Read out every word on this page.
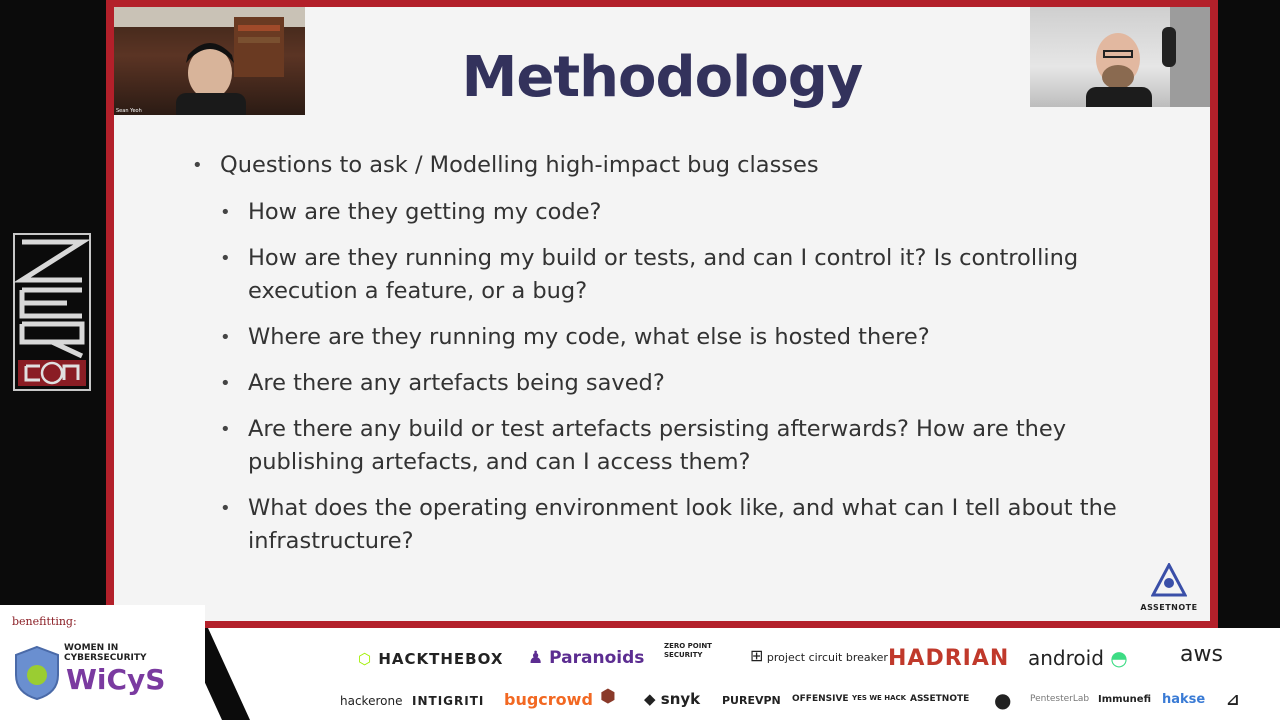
Methodology
• Questions to ask / Modelling high-impact bug classes
• How are they getting my code?
• How are they running my build or tests, and can I control it? Is controlling execution a feature, or a bug?
• Where are they running my code, what else is hosted there?
• Are there any artefacts being saved?
• Are there any build or test artefacts persisting afterwards? How are they publishing artefacts, and can I access them?
• What does the operating environment look like, and what can I tell about the infrastructure?
ASSETNOTE
Sean Yeoh
⬡ HACKTHEBOX ♟ Paranoids
ZERO POINT SECURITY	⊞ project circuit breaker HADRIAN android ◓ aws
hackerone INTIGRITI bugcrowd ⬢ ◆ snyk PUREVPN OFFENSIVE YES WE HACK ASSETNOTE ● PentesterLab Immunefi hakse ⊿
benefitting:
WOMEN IN
CYBERSECURITY
WiCyS
